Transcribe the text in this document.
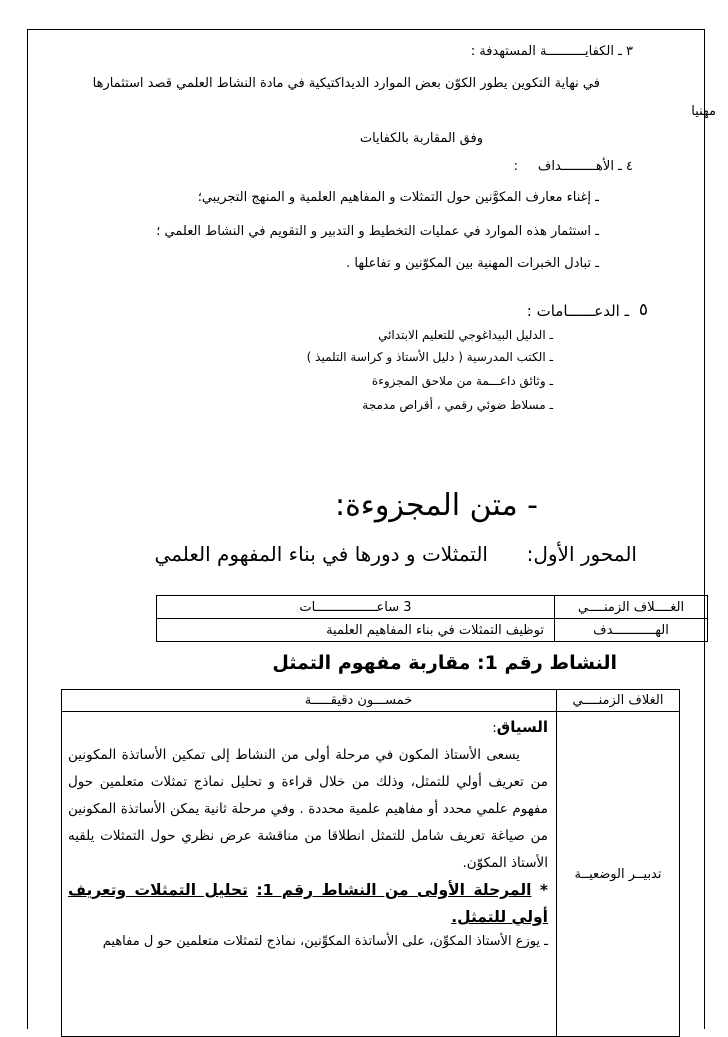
٣ ـ الكفايــــــــــة المستهدفة :
في نهاية التكوين يطور الكوّن بعض الموارد الديداكتيكية في مادة النشاط العلمي قصد استثمارها
مهنيا
وفق المقاربة بالكفايات
٤ ـ الأهـــــــــداف
:
ـ إغناء معارف المكوَّنين حول التمثلات و المفاهيم العلمية و المنهج التجريبي؛
ـ استثمار هذه الموارد في عمليات التخطيط و التدبير و التقويم في النشاط العلمي ؛
ـ تبادل الخبرات المهنية بين المكوّنين و تفاعلها .
٥
ـ الدعــــــامات :
ـ الدليل البيداغوجي للتعليم الابتدائي
ـ الكتب المدرسية ( دليل الأستاذ و كراسة التلميذ )
ـ وثائق داعـــمة من ملاحق المجزوءة
ـ مسلاط ضوئي رقمي ، أقراص مدمجة
- متن المجزوءة:
المحور الأول:
التمثلات و دورها في بناء المفهوم العلمي
الغــــلاف الزمنــــي	3 ساعــــــــــــــــات
الهـــــــــــدف	توظيف التمثلات في بناء المفاهيم العلمية
النشاط رقم 1: مقاربة مفهوم التمثل
الغلاف الزمنــــي	خمســـون دقيقـــــة
تدبيــر الوضعيــة	السياق:
يسعى الأستاذ المكون في مرحلة أولى من النشاط إلى تمكين الأساتذة المكونين من تعريف أولي للتمثل، وذلك من خلال قراءة و تحليل نماذج تمثلات متعلمين حول مفهوم علمي محدد أو مفاهيم علمية محددة . وفي مرحلة ثانية يمكن الأساتذة المكونين من صياغة تعريف شامل للتمثل انطلاقا من مناقشة عرض نظري حول التمثلات يلقيه الأستاذ المكوّن.
* المرحلة الأولى من النشاط رقم 1: تحليل التمثلات وتعريف أولي للتمثل.
ـ يوزع الأستاذ المكوِّن، على الأساتذة المكوِّنين، نماذج لتمثلات متعلمين حو ل مفاهيم
